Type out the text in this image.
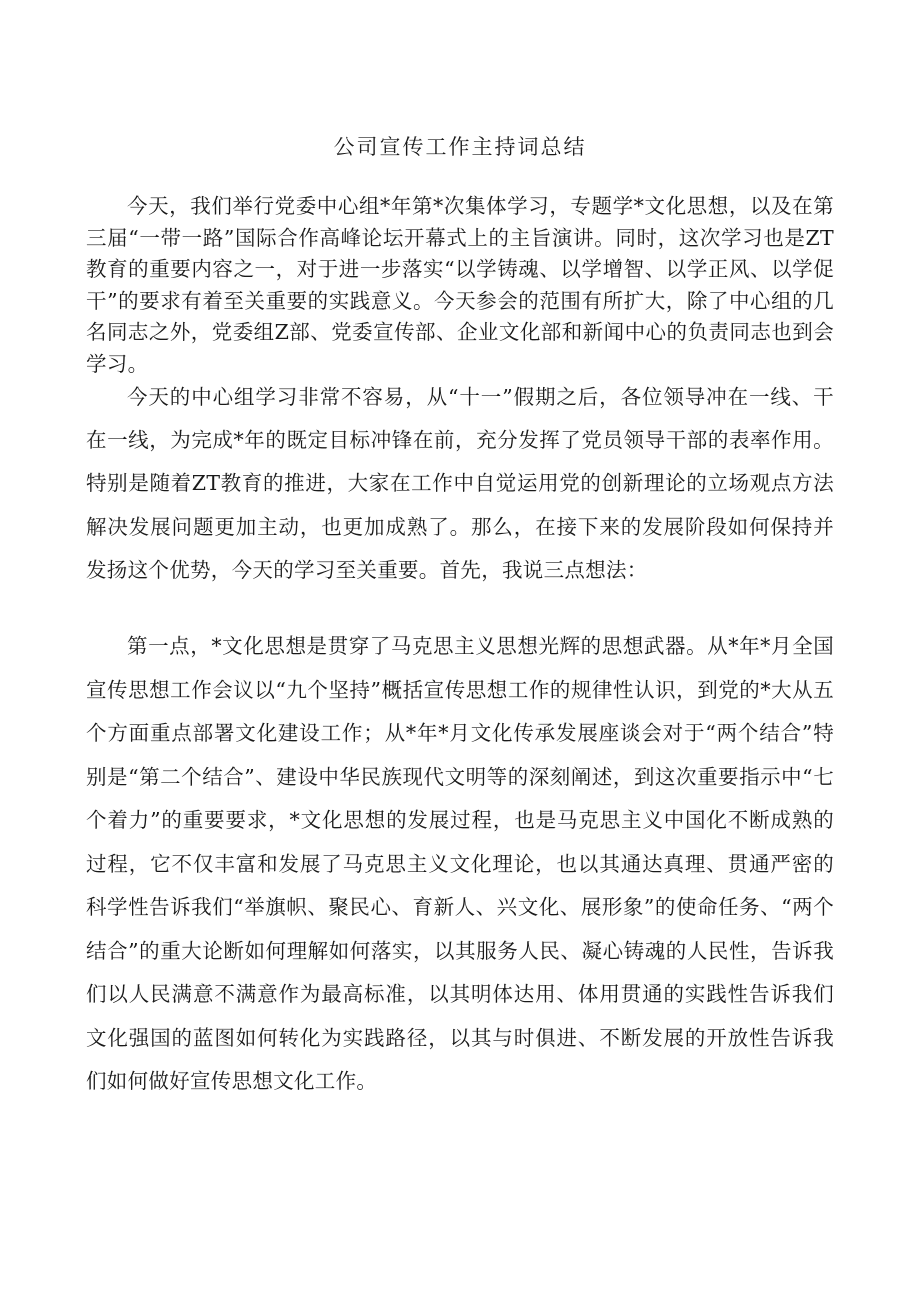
公司宣传工作主持词总结

今天，我们举行党委中心组*年第*次集体学习，专题学*文化思想，以及在第三届“一带一路”国际合作高峰论坛开幕式上的主旨演讲。同时，这次学习也是ZT教育的重要内容之一，对于进一步落实“以学铸魂、以学增智、以学正风、以学促干”的要求有着至关重要的实践意义。今天参会的范围有所扩大，除了中心组的几名同志之外，党委组Z部、党委宣传部、企业文化部和新闻中心的负责同志也到会学习。

今天的中心组学习非常不容易，从“十一”假期之后，各位领导冲在一线、干在一线，为完成*年的既定目标冲锋在前，充分发挥了党员领导干部的表率作用。特别是随着ZT教育的推进，大家在工作中自觉运用党的创新理论的立场观点方法解决发展问题更加主动，也更加成熟了。那么，在接下来的发展阶段如何保持并发扬这个优势，今天的学习至关重要。首先，我说三点想法：

第一点，*文化思想是贯穿了马克思主义思想光辉的思想武器。从*年*月全国宣传思想工作会议以“九个坚持”概括宣传思想工作的规律性认识，到党的*大从五个方面重点部署文化建设工作；从*年*月文化传承发展座谈会对于“两个结合”特别是“第二个结合”、建设中华民族现代文明等的深刻阐述，到这次重要指示中“七个着力”的重要要求，*文化思想的发展过程，也是马克思主义中国化不断成熟的过程，它不仅丰富和发展了马克思主义文化理论，也以其通达真理、贯通严密的科学性告诉我们“举旗帜、聚民心、育新人、兴文化、展形象”的使命任务、“两个结合”的重大论断如何理解如何落实，以其服务人民、凝心铸魂的人民性，告诉我们以人民满意不满意作为最高标准，以其明体达用、体用贯通的实践性告诉我们文化强国的蓝图如何转化为实践路径，以其与时俱进、不断发展的开放性告诉我们如何做好宣传思想文化工作。
